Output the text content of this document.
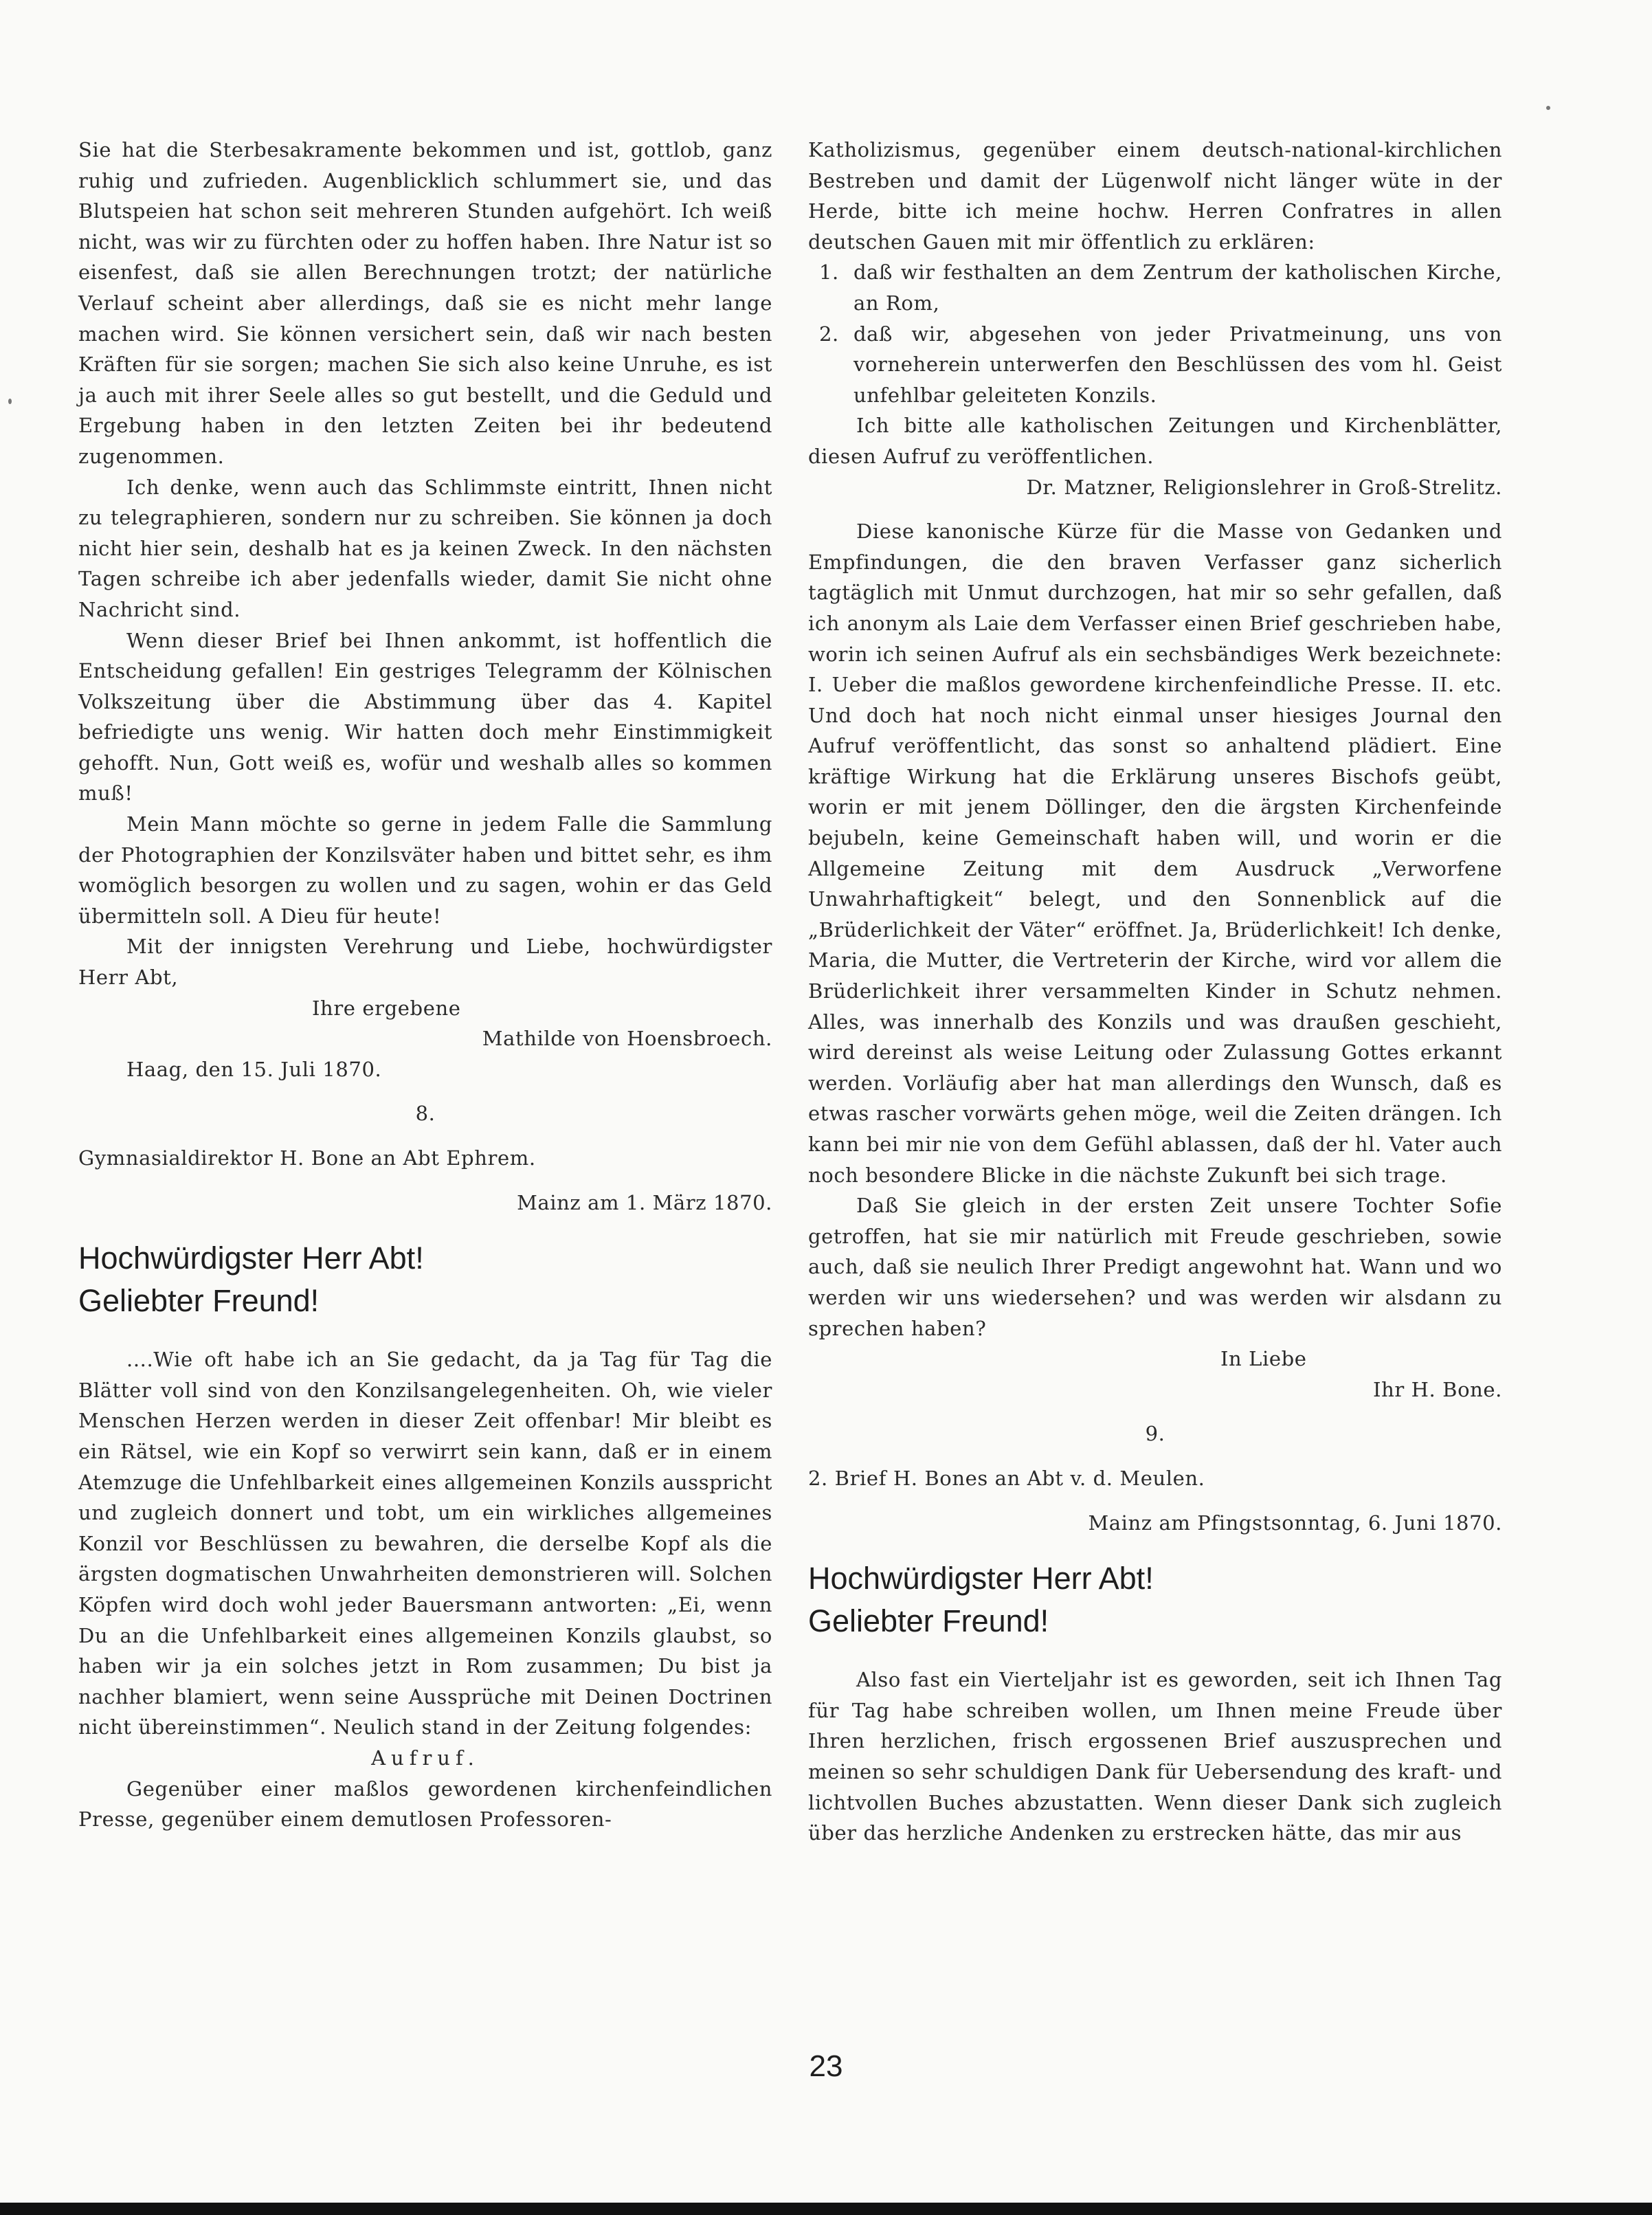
Sie hat die Sterbesakramente bekommen und ist, gottlob, ganz ruhig und zufrieden. Augenblicklich schlummert sie, und das Blutspeien hat schon seit mehreren Stunden aufgehört. Ich weiß nicht, was wir zu fürchten oder zu hoffen haben. Ihre Natur ist so eisenfest, daß sie allen Berechnungen trotzt; der natürliche Verlauf scheint aber allerdings, daß sie es nicht mehr lange machen wird. Sie können versichert sein, daß wir nach besten Kräften für sie sorgen; machen Sie sich also keine Unruhe, es ist ja auch mit ihrer Seele alles so gut bestellt, und die Geduld und Ergebung haben in den letzten Zeiten bei ihr bedeutend zugenommen.

Ich denke, wenn auch das Schlimmste eintritt, Ihnen nicht zu telegraphieren, sondern nur zu schreiben. Sie können ja doch nicht hier sein, deshalb hat es ja keinen Zweck. In den nächsten Tagen schreibe ich aber jedenfalls wieder, damit Sie nicht ohne Nachricht sind.

Wenn dieser Brief bei Ihnen ankommt, ist hoffentlich die Entscheidung gefallen! Ein gestriges Telegramm der Kölnischen Volkszeitung über die Abstimmung über das 4. Kapitel befriedigte uns wenig. Wir hatten doch mehr Einstimmigkeit gehofft. Nun, Gott weiß es, wofür und weshalb alles so kommen muß!

Mein Mann möchte so gerne in jedem Falle die Sammlung der Photographien der Konzilsväter haben und bittet sehr, es ihm womöglich besorgen zu wollen und zu sagen, wohin er das Geld übermitteln soll. A Dieu für heute!

Mit der innigsten Verehrung und Liebe, hochwürdigster Herr Abt,

Ihre ergebene

Mathilde von Hoensbroech.

Haag, den 15. Juli 1870.

8.

Gymnasialdirektor H. Bone an Abt Ephrem.

Mainz am 1. März 1870.

Hochwürdigster Herr Abt!
Geliebter Freund!

....Wie oft habe ich an Sie gedacht, da ja Tag für Tag die Blätter voll sind von den Konzilsangelegenheiten. Oh, wie vieler Menschen Herzen werden in dieser Zeit offenbar! Mir bleibt es ein Rätsel, wie ein Kopf so verwirrt sein kann, daß er in einem Atemzuge die Unfehlbarkeit eines allgemeinen Konzils ausspricht und zugleich donnert und tobt, um ein wirkliches allgemeines Konzil vor Beschlüssen zu bewahren, die derselbe Kopf als die ärgsten dogmatischen Unwahrheiten demonstrieren will. Solchen Köpfen wird doch wohl jeder Bauersmann antworten: „Ei, wenn Du an die Unfehlbarkeit eines allgemeinen Konzils glaubst, so haben wir ja ein solches jetzt in Rom zusammen; Du bist ja nachher blamiert, wenn seine Aussprüche mit Deinen Doctrinen nicht übereinstimmen“. Neulich stand in der Zeitung folgendes:

Aufruf.

Gegenüber einer maßlos gewordenen kirchenfeindlichen Presse, gegenüber einem demutlosen Professoren-

Katholizismus, gegenüber einem deutsch-national-kirchlichen Bestreben und damit der Lügenwolf nicht länger wüte in der Herde, bitte ich meine hochw. Herren Confratres in allen deutschen Gauen mit mir öffentlich zu erklären:

1. daß wir festhalten an dem Zentrum der katholischen Kirche, an Rom,
2. daß wir, abgesehen von jeder Privatmeinung, uns von vorneherein unterwerfen den Beschlüssen des vom hl. Geist unfehlbar geleiteten Konzils.

Ich bitte alle katholischen Zeitungen und Kirchenblätter, diesen Aufruf zu veröffentlichen.

Dr. Matzner, Religionslehrer in Groß-Strelitz.

Diese kanonische Kürze für die Masse von Gedanken und Empfindungen, die den braven Verfasser ganz sicherlich tagtäglich mit Unmut durchzogen, hat mir so sehr gefallen, daß ich anonym als Laie dem Verfasser einen Brief geschrieben habe, worin ich seinen Aufruf als ein sechsbändiges Werk bezeichnete: I. Ueber die maßlos gewordene kirchenfeindliche Presse. II. etc. Und doch hat noch nicht einmal unser hiesiges Journal den Aufruf veröffentlicht, das sonst so anhaltend plädiert. Eine kräftige Wirkung hat die Erklärung unseres Bischofs geübt, worin er mit jenem Döllinger, den die ärgsten Kirchenfeinde bejubeln, keine Gemeinschaft haben will, und worin er die Allgemeine Zeitung mit dem Ausdruck „Verworfene Unwahrhaftigkeit“ belegt, und den Sonnenblick auf die „Brüderlichkeit der Väter“ eröffnet. Ja, Brüderlichkeit! Ich denke, Maria, die Mutter, die Vertreterin der Kirche, wird vor allem die Brüderlichkeit ihrer versammelten Kinder in Schutz nehmen. Alles, was innerhalb des Konzils und was draußen geschieht, wird dereinst als weise Leitung oder Zulassung Gottes erkannt werden. Vorläufig aber hat man allerdings den Wunsch, daß es etwas rascher vorwärts gehen möge, weil die Zeiten drängen. Ich kann bei mir nie von dem Gefühl ablassen, daß der hl. Vater auch noch besondere Blicke in die nächste Zukunft bei sich trage.

Daß Sie gleich in der ersten Zeit unsere Tochter Sofie getroffen, hat sie mir natürlich mit Freude geschrieben, sowie auch, daß sie neulich Ihrer Predigt angewohnt hat. Wann und wo werden wir uns wiedersehen? und was werden wir alsdann zu sprechen haben?

In Liebe

Ihr H. Bone.

9.

2. Brief H. Bones an Abt v. d. Meulen.

Mainz am Pfingstsonntag, 6. Juni 1870.

Hochwürdigster Herr Abt!
Geliebter Freund!

Also fast ein Vierteljahr ist es geworden, seit ich Ihnen Tag für Tag habe schreiben wollen, um Ihnen meine Freude über Ihren herzlichen, frisch ergossenen Brief auszusprechen und meinen so sehr schuldigen Dank für Uebersendung des kraft- und lichtvollen Buches abzustatten. Wenn dieser Dank sich zugleich über das herzliche Andenken zu erstrecken hätte, das mir aus

23
